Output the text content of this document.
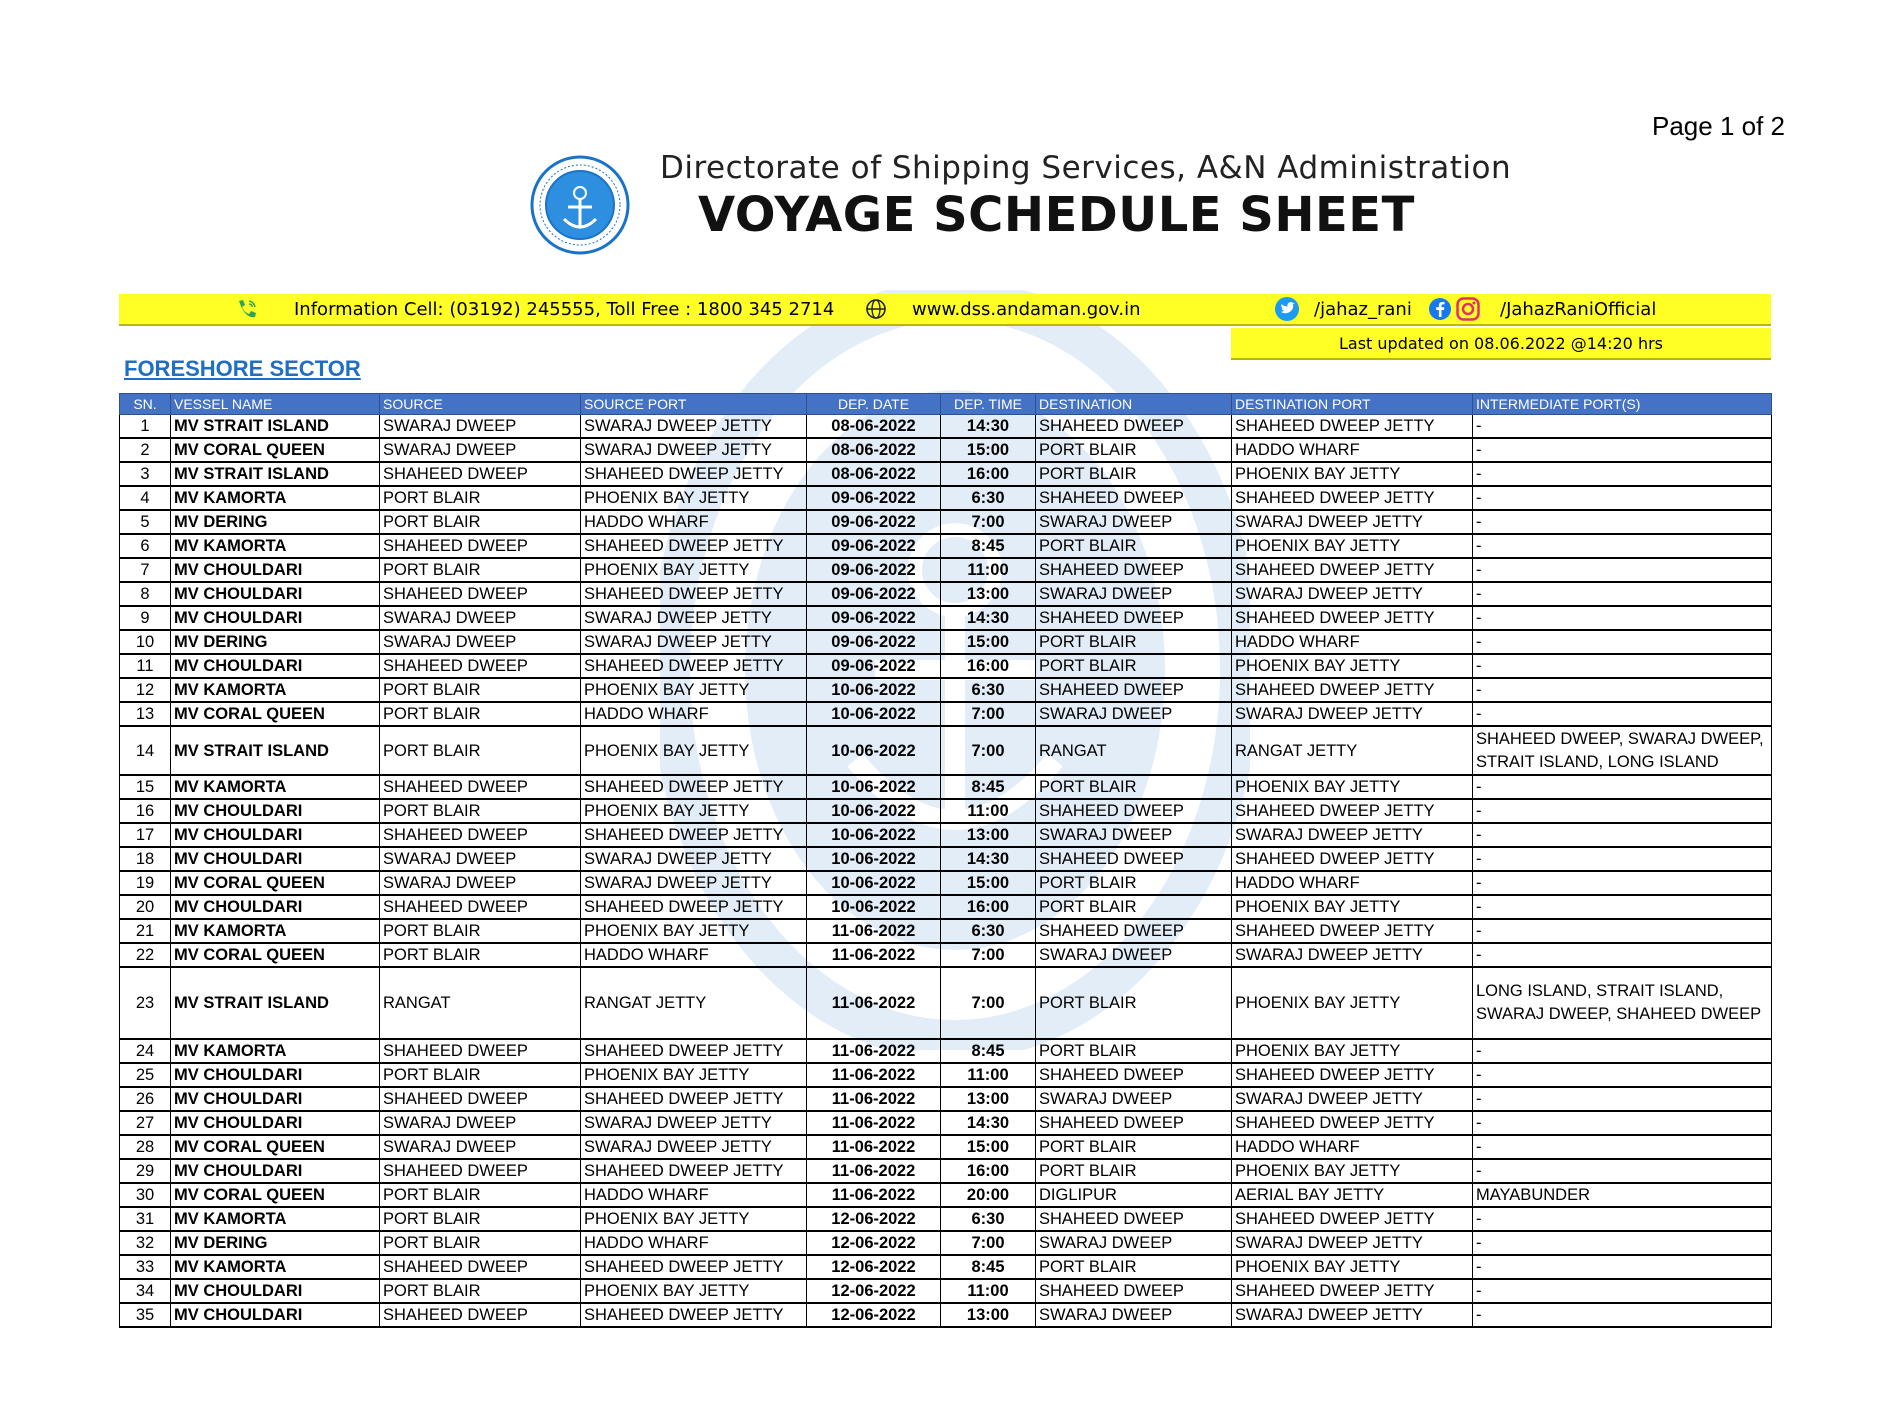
Page 1 of 2
Directorate of Shipping Services, A&N Administration
VOYAGE SCHEDULE SHEET
Information Cell: (03192) 245555, Toll Free : 1800 345 2714	www.dss.andaman.gov.in	/jahaz_rani	/JahazRaniOfficial
Last updated on 08.06.2022 @14:20 hrs
FORESHORE SECTOR
SN.	VESSEL NAME	SOURCE	SOURCE PORT	DEP. DATE	DEP. TIME	DESTINATION	DESTINATION PORT	INTERMEDIATE PORT(S)
1	MV STRAIT ISLAND	SWARAJ DWEEP	SWARAJ DWEEP JETTY	08-06-2022	14:30	SHAHEED DWEEP	SHAHEED DWEEP JETTY	-
2	MV CORAL QUEEN	SWARAJ DWEEP	SWARAJ DWEEP JETTY	08-06-2022	15:00	PORT BLAIR	HADDO WHARF	-
3	MV STRAIT ISLAND	SHAHEED DWEEP	SHAHEED DWEEP JETTY	08-06-2022	16:00	PORT BLAIR	PHOENIX BAY JETTY	-
4	MV KAMORTA	PORT BLAIR	PHOENIX BAY JETTY	09-06-2022	6:30	SHAHEED DWEEP	SHAHEED DWEEP JETTY	-
5	MV DERING	PORT BLAIR	HADDO WHARF	09-06-2022	7:00	SWARAJ DWEEP	SWARAJ DWEEP JETTY	-
6	MV KAMORTA	SHAHEED DWEEP	SHAHEED DWEEP JETTY	09-06-2022	8:45	PORT BLAIR	PHOENIX BAY JETTY	-
7	MV CHOULDARI	PORT BLAIR	PHOENIX BAY JETTY	09-06-2022	11:00	SHAHEED DWEEP	SHAHEED DWEEP JETTY	-
8	MV CHOULDARI	SHAHEED DWEEP	SHAHEED DWEEP JETTY	09-06-2022	13:00	SWARAJ DWEEP	SWARAJ DWEEP JETTY	-
9	MV CHOULDARI	SWARAJ DWEEP	SWARAJ DWEEP JETTY	09-06-2022	14:30	SHAHEED DWEEP	SHAHEED DWEEP JETTY	-
10	MV DERING	SWARAJ DWEEP	SWARAJ DWEEP JETTY	09-06-2022	15:00	PORT BLAIR	HADDO WHARF	-
11	MV CHOULDARI	SHAHEED DWEEP	SHAHEED DWEEP JETTY	09-06-2022	16:00	PORT BLAIR	PHOENIX BAY JETTY	-
12	MV KAMORTA	PORT BLAIR	PHOENIX BAY JETTY	10-06-2022	6:30	SHAHEED DWEEP	SHAHEED DWEEP JETTY	-
13	MV CORAL QUEEN	PORT BLAIR	HADDO WHARF	10-06-2022	7:00	SWARAJ DWEEP	SWARAJ DWEEP JETTY	-
14	MV STRAIT ISLAND	PORT BLAIR	PHOENIX BAY JETTY	10-06-2022	7:00	RANGAT	RANGAT JETTY	SHAHEED DWEEP, SWARAJ DWEEP, STRAIT ISLAND, LONG ISLAND
15	MV KAMORTA	SHAHEED DWEEP	SHAHEED DWEEP JETTY	10-06-2022	8:45	PORT BLAIR	PHOENIX BAY JETTY	-
16	MV CHOULDARI	PORT BLAIR	PHOENIX BAY JETTY	10-06-2022	11:00	SHAHEED DWEEP	SHAHEED DWEEP JETTY	-
17	MV CHOULDARI	SHAHEED DWEEP	SHAHEED DWEEP JETTY	10-06-2022	13:00	SWARAJ DWEEP	SWARAJ DWEEP JETTY	-
18	MV CHOULDARI	SWARAJ DWEEP	SWARAJ DWEEP JETTY	10-06-2022	14:30	SHAHEED DWEEP	SHAHEED DWEEP JETTY	-
19	MV CORAL QUEEN	SWARAJ DWEEP	SWARAJ DWEEP JETTY	10-06-2022	15:00	PORT BLAIR	HADDO WHARF	-
20	MV CHOULDARI	SHAHEED DWEEP	SHAHEED DWEEP JETTY	10-06-2022	16:00	PORT BLAIR	PHOENIX BAY JETTY	-
21	MV KAMORTA	PORT BLAIR	PHOENIX BAY JETTY	11-06-2022	6:30	SHAHEED DWEEP	SHAHEED DWEEP JETTY	-
22	MV CORAL QUEEN	PORT BLAIR	HADDO WHARF	11-06-2022	7:00	SWARAJ DWEEP	SWARAJ DWEEP JETTY	-
23	MV STRAIT ISLAND	RANGAT	RANGAT JETTY	11-06-2022	7:00	PORT BLAIR	PHOENIX BAY JETTY	LONG ISLAND, STRAIT ISLAND, SWARAJ DWEEP, SHAHEED DWEEP
24	MV KAMORTA	SHAHEED DWEEP	SHAHEED DWEEP JETTY	11-06-2022	8:45	PORT BLAIR	PHOENIX BAY JETTY	-
25	MV CHOULDARI	PORT BLAIR	PHOENIX BAY JETTY	11-06-2022	11:00	SHAHEED DWEEP	SHAHEED DWEEP JETTY	-
26	MV CHOULDARI	SHAHEED DWEEP	SHAHEED DWEEP JETTY	11-06-2022	13:00	SWARAJ DWEEP	SWARAJ DWEEP JETTY	-
27	MV CHOULDARI	SWARAJ DWEEP	SWARAJ DWEEP JETTY	11-06-2022	14:30	SHAHEED DWEEP	SHAHEED DWEEP JETTY	-
28	MV CORAL QUEEN	SWARAJ DWEEP	SWARAJ DWEEP JETTY	11-06-2022	15:00	PORT BLAIR	HADDO WHARF	-
29	MV CHOULDARI	SHAHEED DWEEP	SHAHEED DWEEP JETTY	11-06-2022	16:00	PORT BLAIR	PHOENIX BAY JETTY	-
30	MV CORAL QUEEN	PORT BLAIR	HADDO WHARF	11-06-2022	20:00	DIGLIPUR	AERIAL BAY JETTY	MAYABUNDER
31	MV KAMORTA	PORT BLAIR	PHOENIX BAY JETTY	12-06-2022	6:30	SHAHEED DWEEP	SHAHEED DWEEP JETTY	-
32	MV DERING	PORT BLAIR	HADDO WHARF	12-06-2022	7:00	SWARAJ DWEEP	SWARAJ DWEEP JETTY	-
33	MV KAMORTA	SHAHEED DWEEP	SHAHEED DWEEP JETTY	12-06-2022	8:45	PORT BLAIR	PHOENIX BAY JETTY	-
34	MV CHOULDARI	PORT BLAIR	PHOENIX BAY JETTY	12-06-2022	11:00	SHAHEED DWEEP	SHAHEED DWEEP JETTY	-
35	MV CHOULDARI	SHAHEED DWEEP	SHAHEED DWEEP JETTY	12-06-2022	13:00	SWARAJ DWEEP	SWARAJ DWEEP JETTY	-
